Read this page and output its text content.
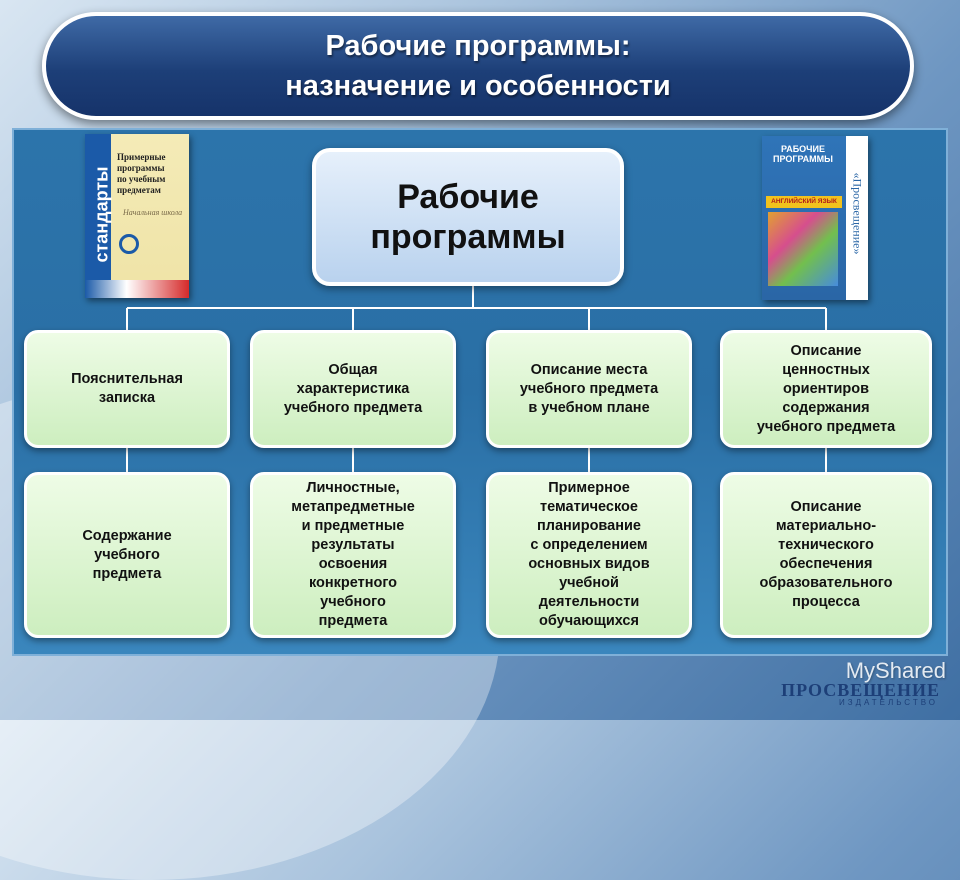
Рабочие программы:
назначение и особенности
стандарты
Примерные
программы
по учебным
предметам
Начальная школа
РАБОЧИЕ
ПРОГРАММЫ
АНГЛИЙСКИЙ ЯЗЫК	«Просвещение»
Рабочие
программы
Пояснительная
записка
Общая
характеристика
учебного предмета
Описание места
учебного предмета
в учебном плане
Описание
ценностных
ориентиров
содержания
учебного предмета
Содержание
учебного
предмета
Личностные,
метапредметные
и предметные
результаты
освоения
конкретного
учебного
предмета
Примерное
тематическое
планирование
с определением
основных видов
учебной
деятельности
обучающихся
Описание
материально-
технического
обеспечения
образовательного
процесса
MyShared
ПРОСВЕЩЕНИЕ
ИЗДАТЕЛЬСТВО
